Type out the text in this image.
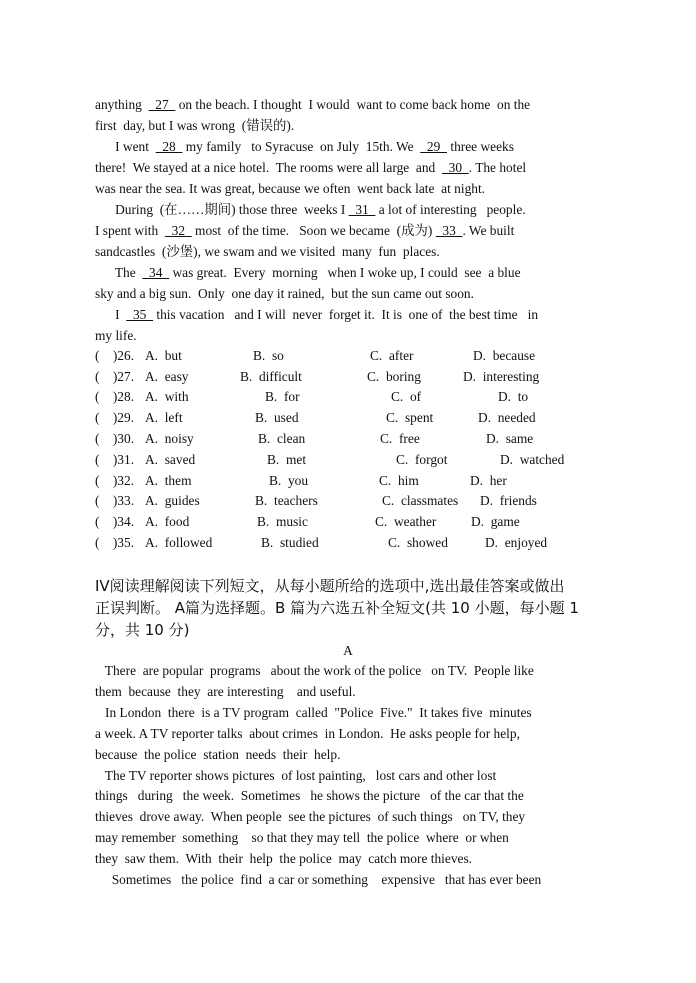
anything    27   on the beach. I thought  I would  want to come back home  on the
first  day, but I was wrong  (错误的).
I went    28   my family   to Syracuse  on July  15th. We    29   three weeks
there!  We stayed at a nice hotel.  The rooms were all large  and    30  . The hotel
was near the sea. It was great, because we often  went back late  at night.
During  (在……期间) those three  weeks I   31   a lot of interesting   people.
I spent with    32   most  of the time.   Soon we became  (成为)   33  . We built
sandcastles  (沙堡), we swam and we visited  many  fun  places.
The    34   was great.  Every  morning   when I woke up, I could  see  a blue
sky and a big sun.  Only  one day it rained,  but the sun came out soon.
I    35   this vacation   and I will  never  forget it.  It is  one of  the best time   in
my life.
(    )26. A.  but	B.  so	C.  after	D.  because
(    )27. A.  easy	B.  difficult	C.  boring	D.  interesting
(    )28. A.  with	B.  for	C.  of	D.  to
(    )29. A.  left	B.  used	C.  spent	D.  needed
(    )30. A.  noisy	B.  clean	C.  free	D.  same
(    )31. A.  saved	B.  met	C.  forgot	D.  watched
(    )32. A.  them	B.  you	C.  him	D.  her
(    )33. A.  guides	B.  teachers	C.  classmates D.  friends
(    )34. A.  food	B.  music	C.  weather	D.  game
(    )35. A.  followed	B.  studied	C.  showed	D.  enjoyed
IV阅读理解阅读下列短文，从每小题所给的选项中,选出最佳答案或做出
正误判断。 A篇为选择题。B 篇为六选五补全短文(共 10 小题，每小题 1
分，共 10 分)
A
There  are popular  programs   about the work of the police   on TV.  People like
them  because  they  are interesting    and useful.
In London  there  is a TV program  called  "Police  Five."  It takes five  minutes
a week. A TV reporter talks  about crimes  in London.  He asks people for help,
because  the police  station  needs  their  help.
The TV reporter shows pictures  of lost painting,   lost cars and other lost
things   during   the week.  Sometimes   he shows the picture   of the car that the
thieves  drove away.  When people  see the pictures  of such things   on TV, they
may remember  something    so that they may tell  the police  where  or when
they  saw them.  With  their  help  the police  may  catch more thieves.
Sometimes   the police  find  a car or something    expensive   that has ever been
